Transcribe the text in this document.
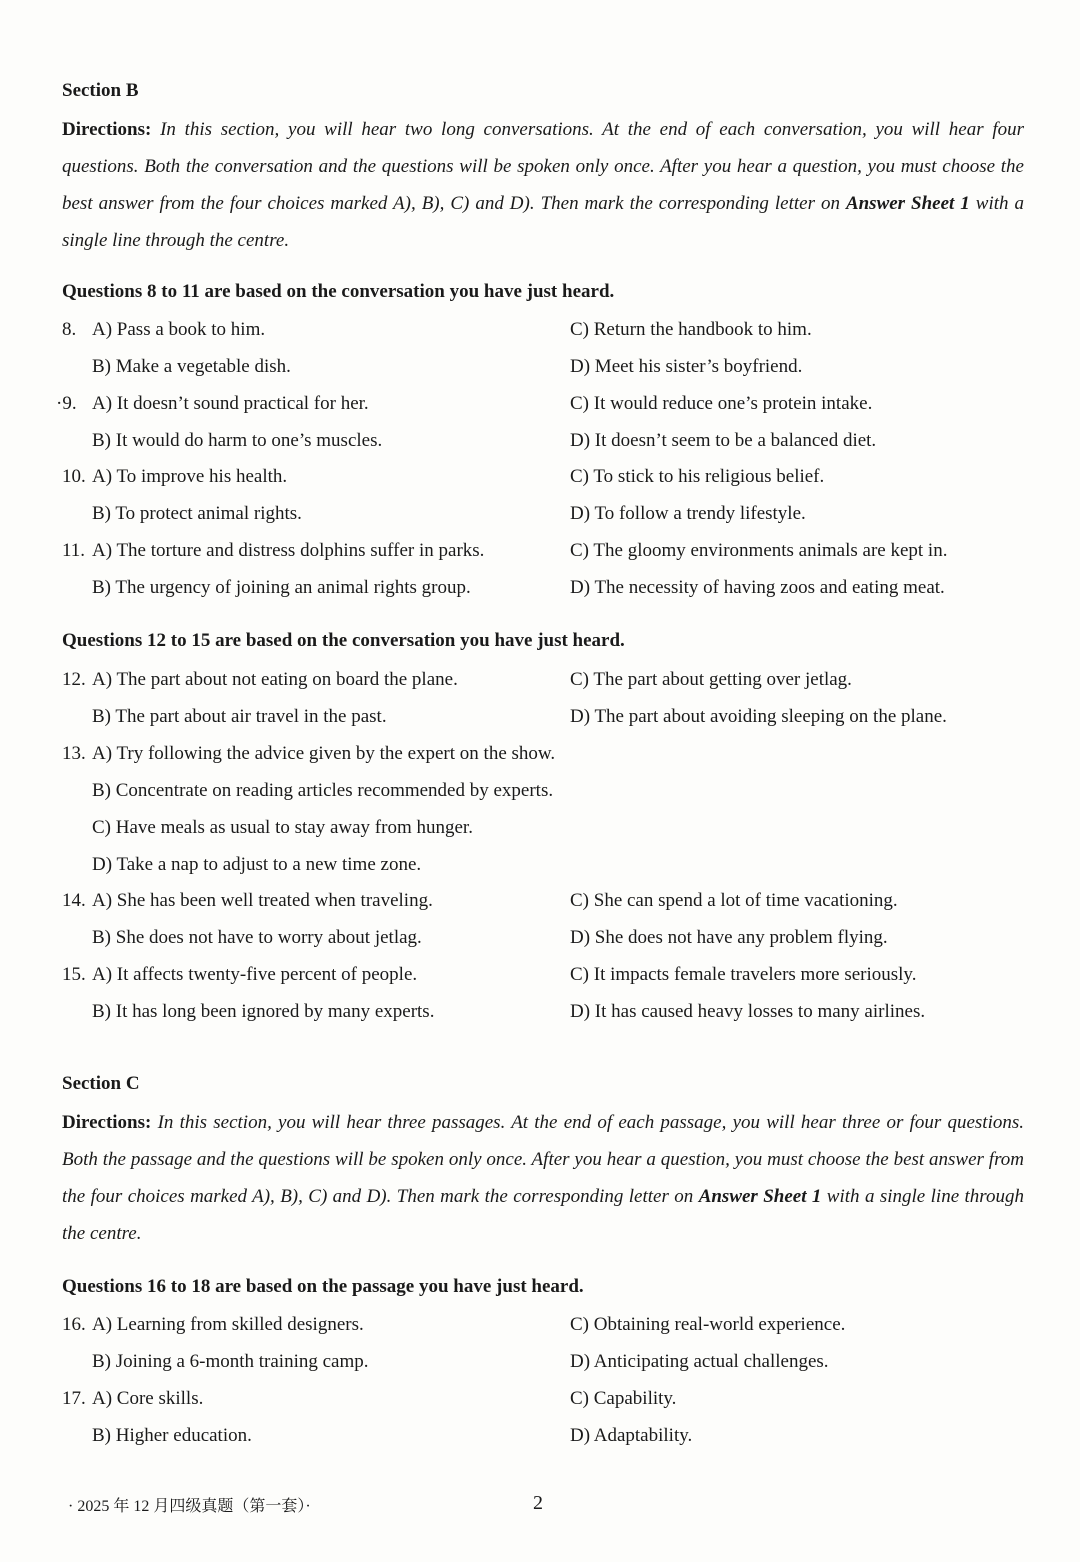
Section B
Directions: In this section, you will hear two long conversations. At the end of each conversation, you will hear four questions. Both the conversation and the questions will be spoken only once. After you hear a question, you must choose the best answer from the four choices marked A), B), C) and D). Then mark the corresponding letter on Answer Sheet 1 with a single line through the centre.
Questions 8 to 11 are based on the conversation you have just heard.
8. A) Pass a book to him.	C) Return the handbook to him.
B) Make a vegetable dish.	D) Meet his sister’s boyfriend.
·9. A) It doesn’t sound practical for her.	C) It would reduce one’s protein intake.
B) It would do harm to one’s muscles.	D) It doesn’t seem to be a balanced diet.
10. A) To improve his health.	C) To stick to his religious belief.
B) To protect animal rights.	D) To follow a trendy lifestyle.
11. A) The torture and distress dolphins suffer in parks.	C) The gloomy environments animals are kept in.
B) The urgency of joining an animal rights group.	D) The necessity of having zoos and eating meat.
Questions 12 to 15 are based on the conversation you have just heard.
12. A) The part about not eating on board the plane.	C) The part about getting over jetlag.
B) The part about air travel in the past.	D) The part about avoiding sleeping on the plane.
13. A) Try following the advice given by the expert on the show.
B) Concentrate on reading articles recommended by experts.
C) Have meals as usual to stay away from hunger.
D) Take a nap to adjust to a new time zone.
14. A) She has been well treated when traveling.	C) She can spend a lot of time vacationing.
B) She does not have to worry about jetlag.	D) She does not have any problem flying.
15. A) It affects twenty-five percent of people.	C) It impacts female travelers more seriously.
B) It has long been ignored by many experts.	D) It has caused heavy losses to many airlines.
Section C
Directions: In this section, you will hear three passages. At the end of each passage, you will hear three or four questions. Both the passage and the questions will be spoken only once. After you hear a question, you must choose the best answer from the four choices marked A), B), C) and D). Then mark the corresponding letter on Answer Sheet 1 with a single line through the centre.
Questions 16 to 18 are based on the passage you have just heard.
16. A) Learning from skilled designers.	C) Obtaining real-world experience.
B) Joining a 6-month training camp.	D) Anticipating actual challenges.
17. A) Core skills.	C) Capability.
B) Higher education.	D) Adaptability.
· 2025 年 12 月四级真题（第一套）·	2
